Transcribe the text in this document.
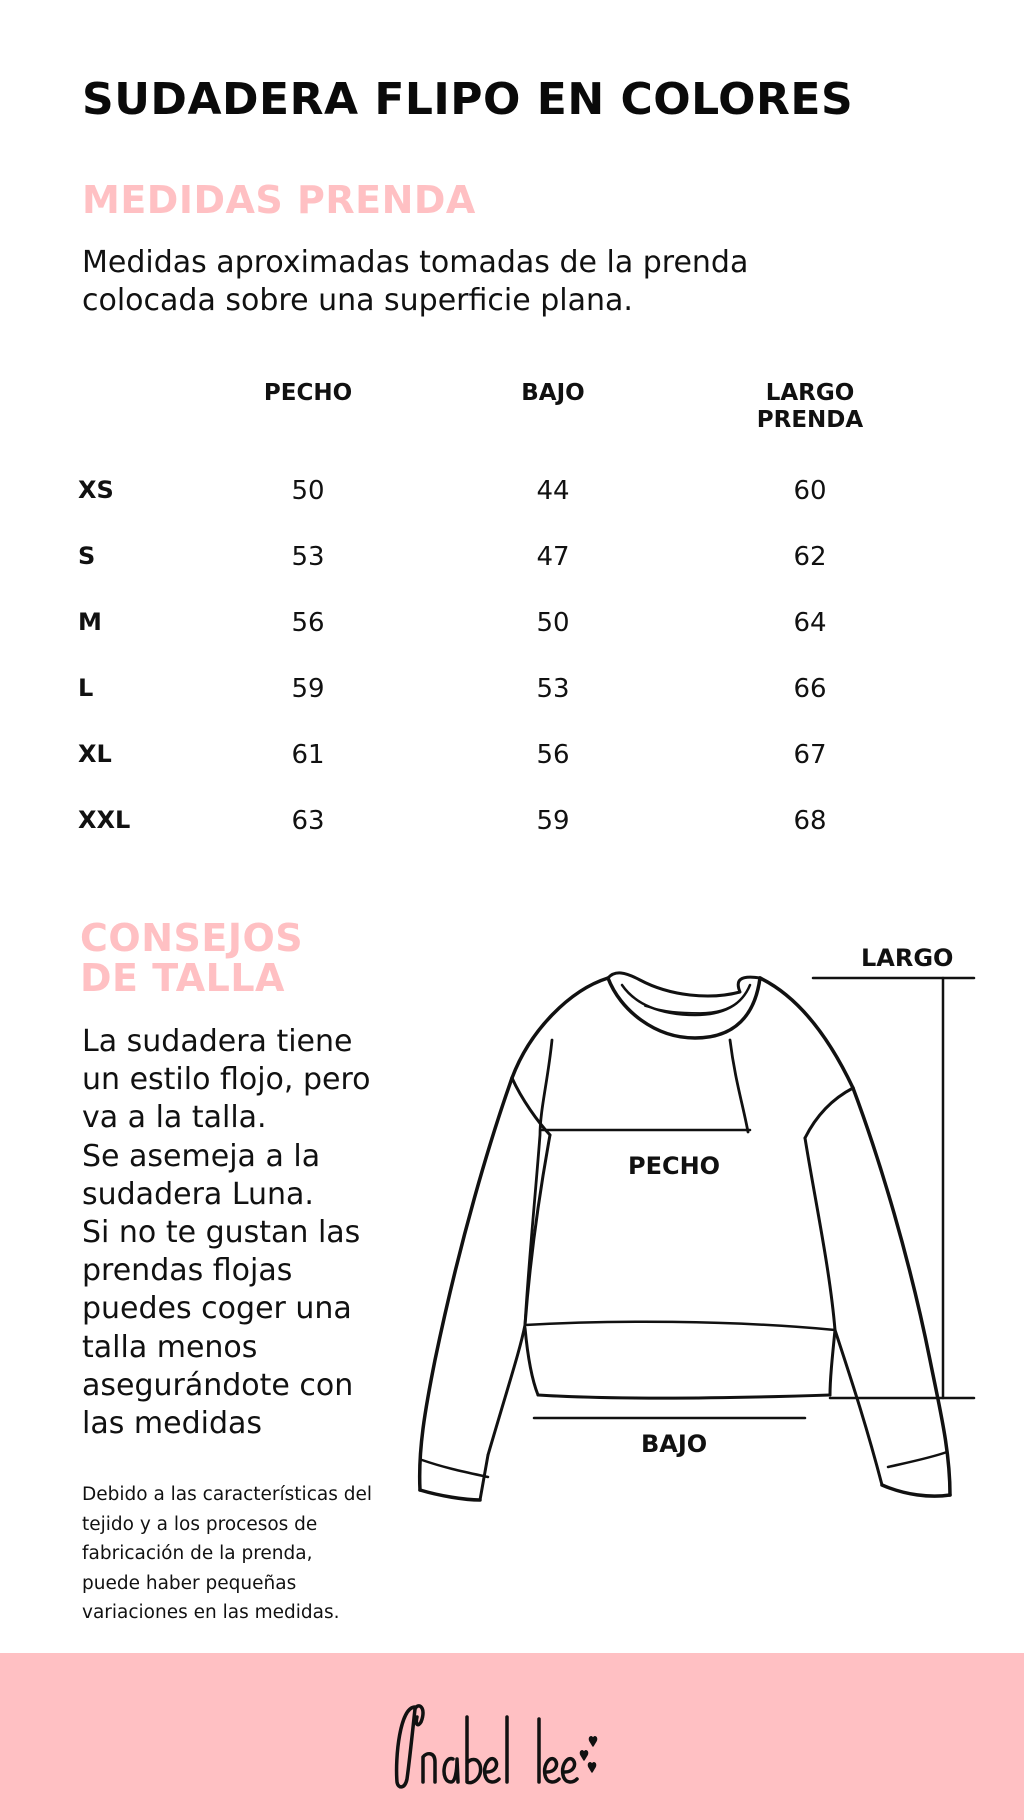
SUDADERA FLIPO EN COLORES
MEDIDAS PRENDA
Medidas aproximadas tomadas de la prenda
colocada sobre una superficie plana.
	PECHO		BAJO		LARGO
PRENDA

XS	50		44		60
S	53		47		62
M	56		50		64
L	59		53		66
XL	61		56		67
XXL	63		59		68
CONSEJOS
DE TALLA
La sudadera tiene
un estilo flojo, pero
va a la talla.
Se asemeja a la
sudadera Luna.
Si no te gustan las
prendas flojas
puedes coger una
talla menos
asegurándote con
las medidas
Debido a las características del
tejido y a los procesos de
fabricación de la prenda,
puede haber pequeñas
variaciones en las medidas.
LARGO
PECHO
BAJO
